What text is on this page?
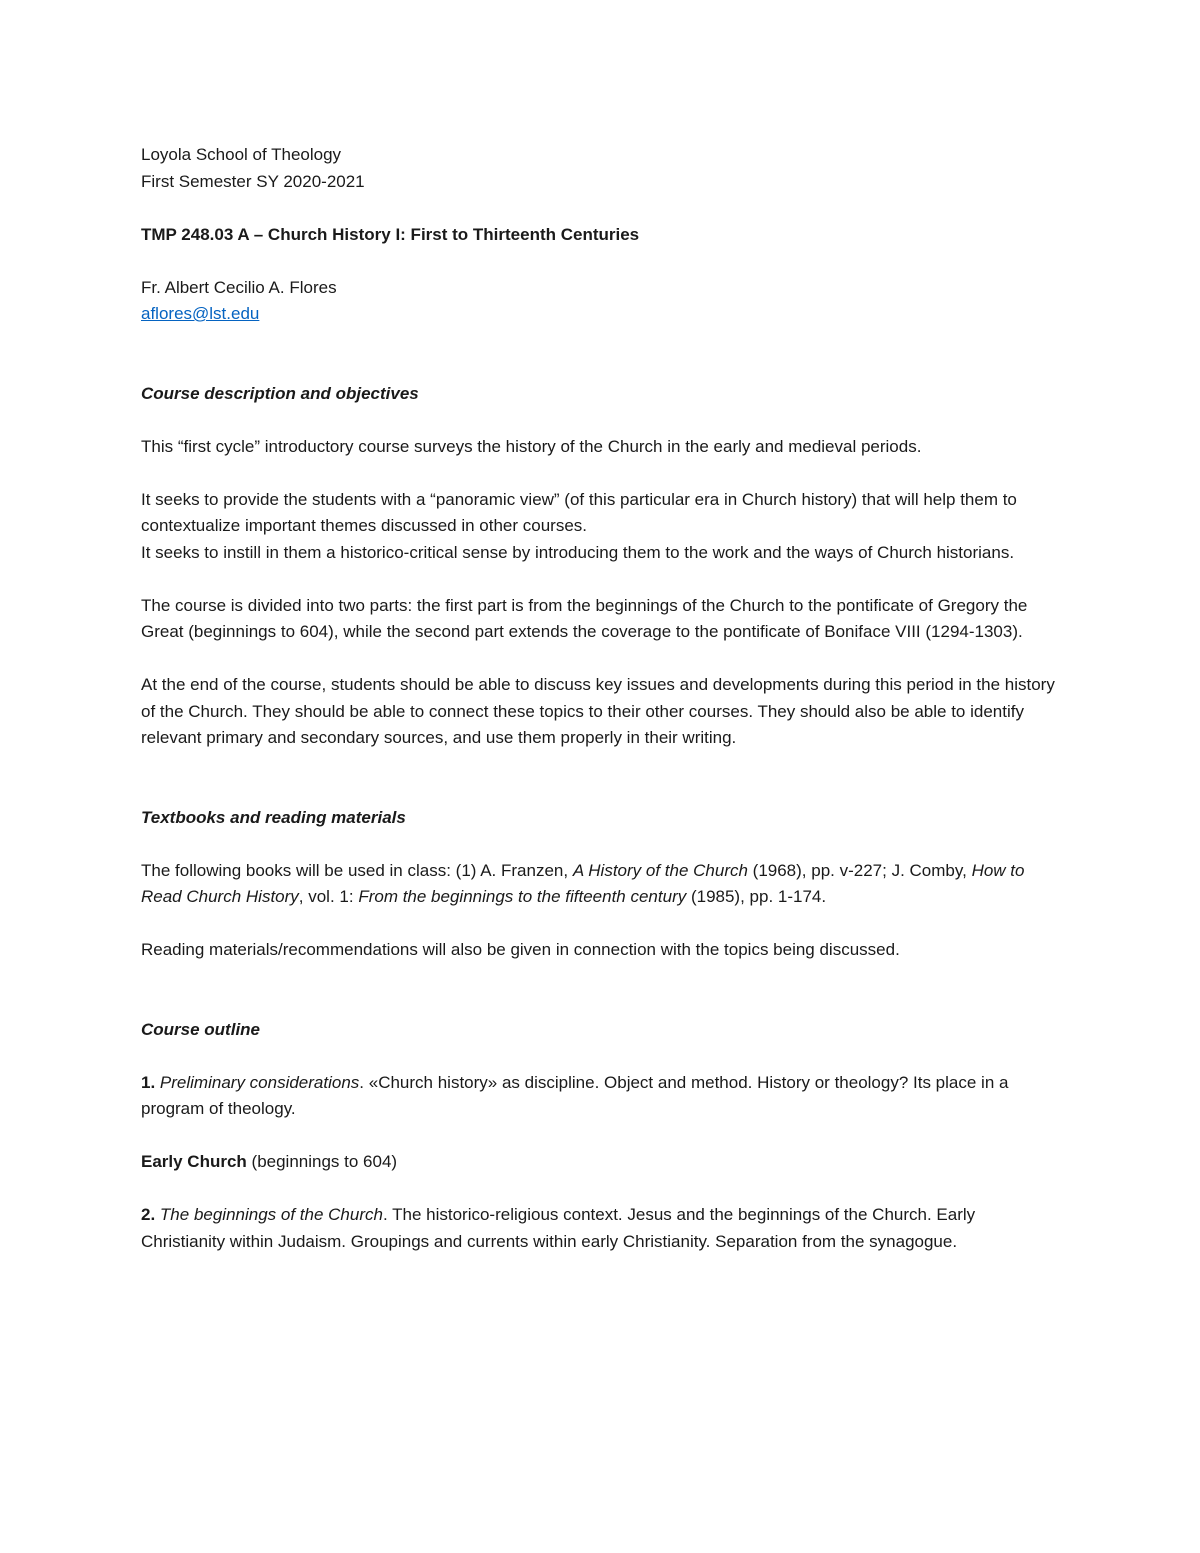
Loyola School of Theology

First Semester SY 2020-2021

TMP 248.03 A – Church History I: First to Thirteenth Centuries

Fr. Albert Cecilio A. Flores

aflores@lst.edu

Course description and objectives

This “first cycle” introductory course surveys the history of the Church in the early and medieval periods.

It seeks to provide the students with a “panoramic view” (of this particular era in Church history) that will help them to contextualize important themes discussed in other courses.

It seeks to instill in them a historico-critical sense by introducing them to the work and the ways of Church historians.

The course is divided into two parts: the first part is from the beginnings of the Church to the pontificate of Gregory the Great (beginnings to 604), while the second part extends the coverage to the pontificate of Boniface VIII (1294-1303).

At the end of the course, students should be able to discuss key issues and developments during this period in the history of the Church. They should be able to connect these topics to their other courses. They should also be able to identify relevant primary and secondary sources, and use them properly in their writing.

Textbooks and reading materials

The following books will be used in class: (1) A. Franzen, A History of the Church (1968), pp. v-227; J. Comby, How to Read Church History, vol. 1: From the beginnings to the fifteenth century (1985), pp. 1-174.

Reading materials/recommendations will also be given in connection with the topics being discussed.

Course outline

1. Preliminary considerations. «Church history» as discipline. Object and method. History or theology? Its place in a program of theology.

Early Church (beginnings to 604)

2. The beginnings of the Church. The historico-religious context. Jesus and the beginnings of the Church. Early Christianity within Judaism. Groupings and currents within early Christianity. Separation from the synagogue.
